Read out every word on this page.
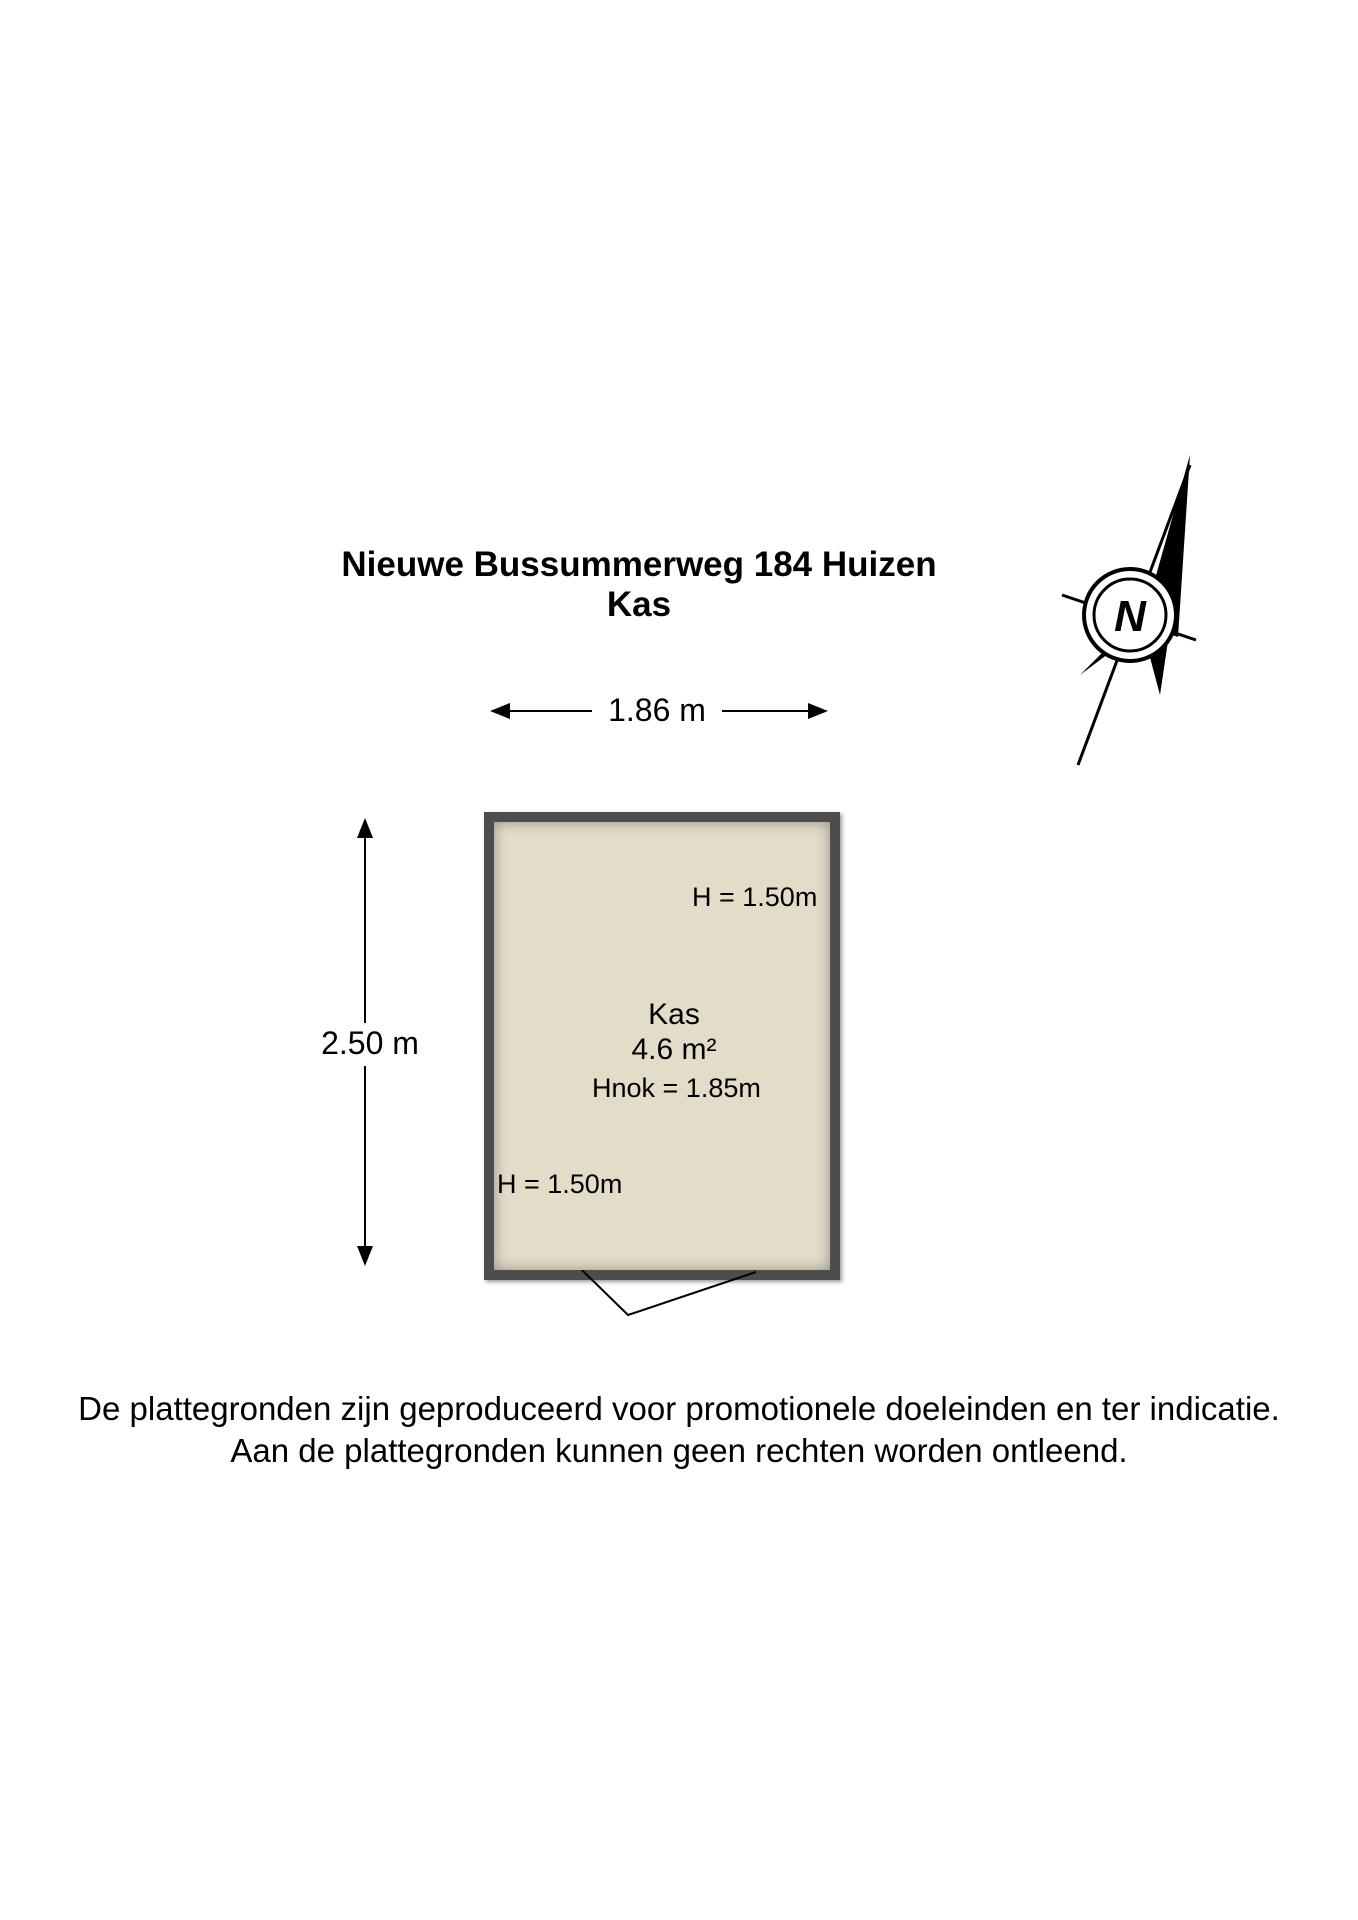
Nieuwe Bussummerweg 184 Huizen
Kas
1.86 m
2.50 m
H = 1.50m
Kas
4.6 m²
Hnok = 1.85m
H = 1.50m
N
De plattegronden zijn geproduceerd voor promotionele doeleinden en ter indicatie.
Aan de plattegronden kunnen geen rechten worden ontleend.
